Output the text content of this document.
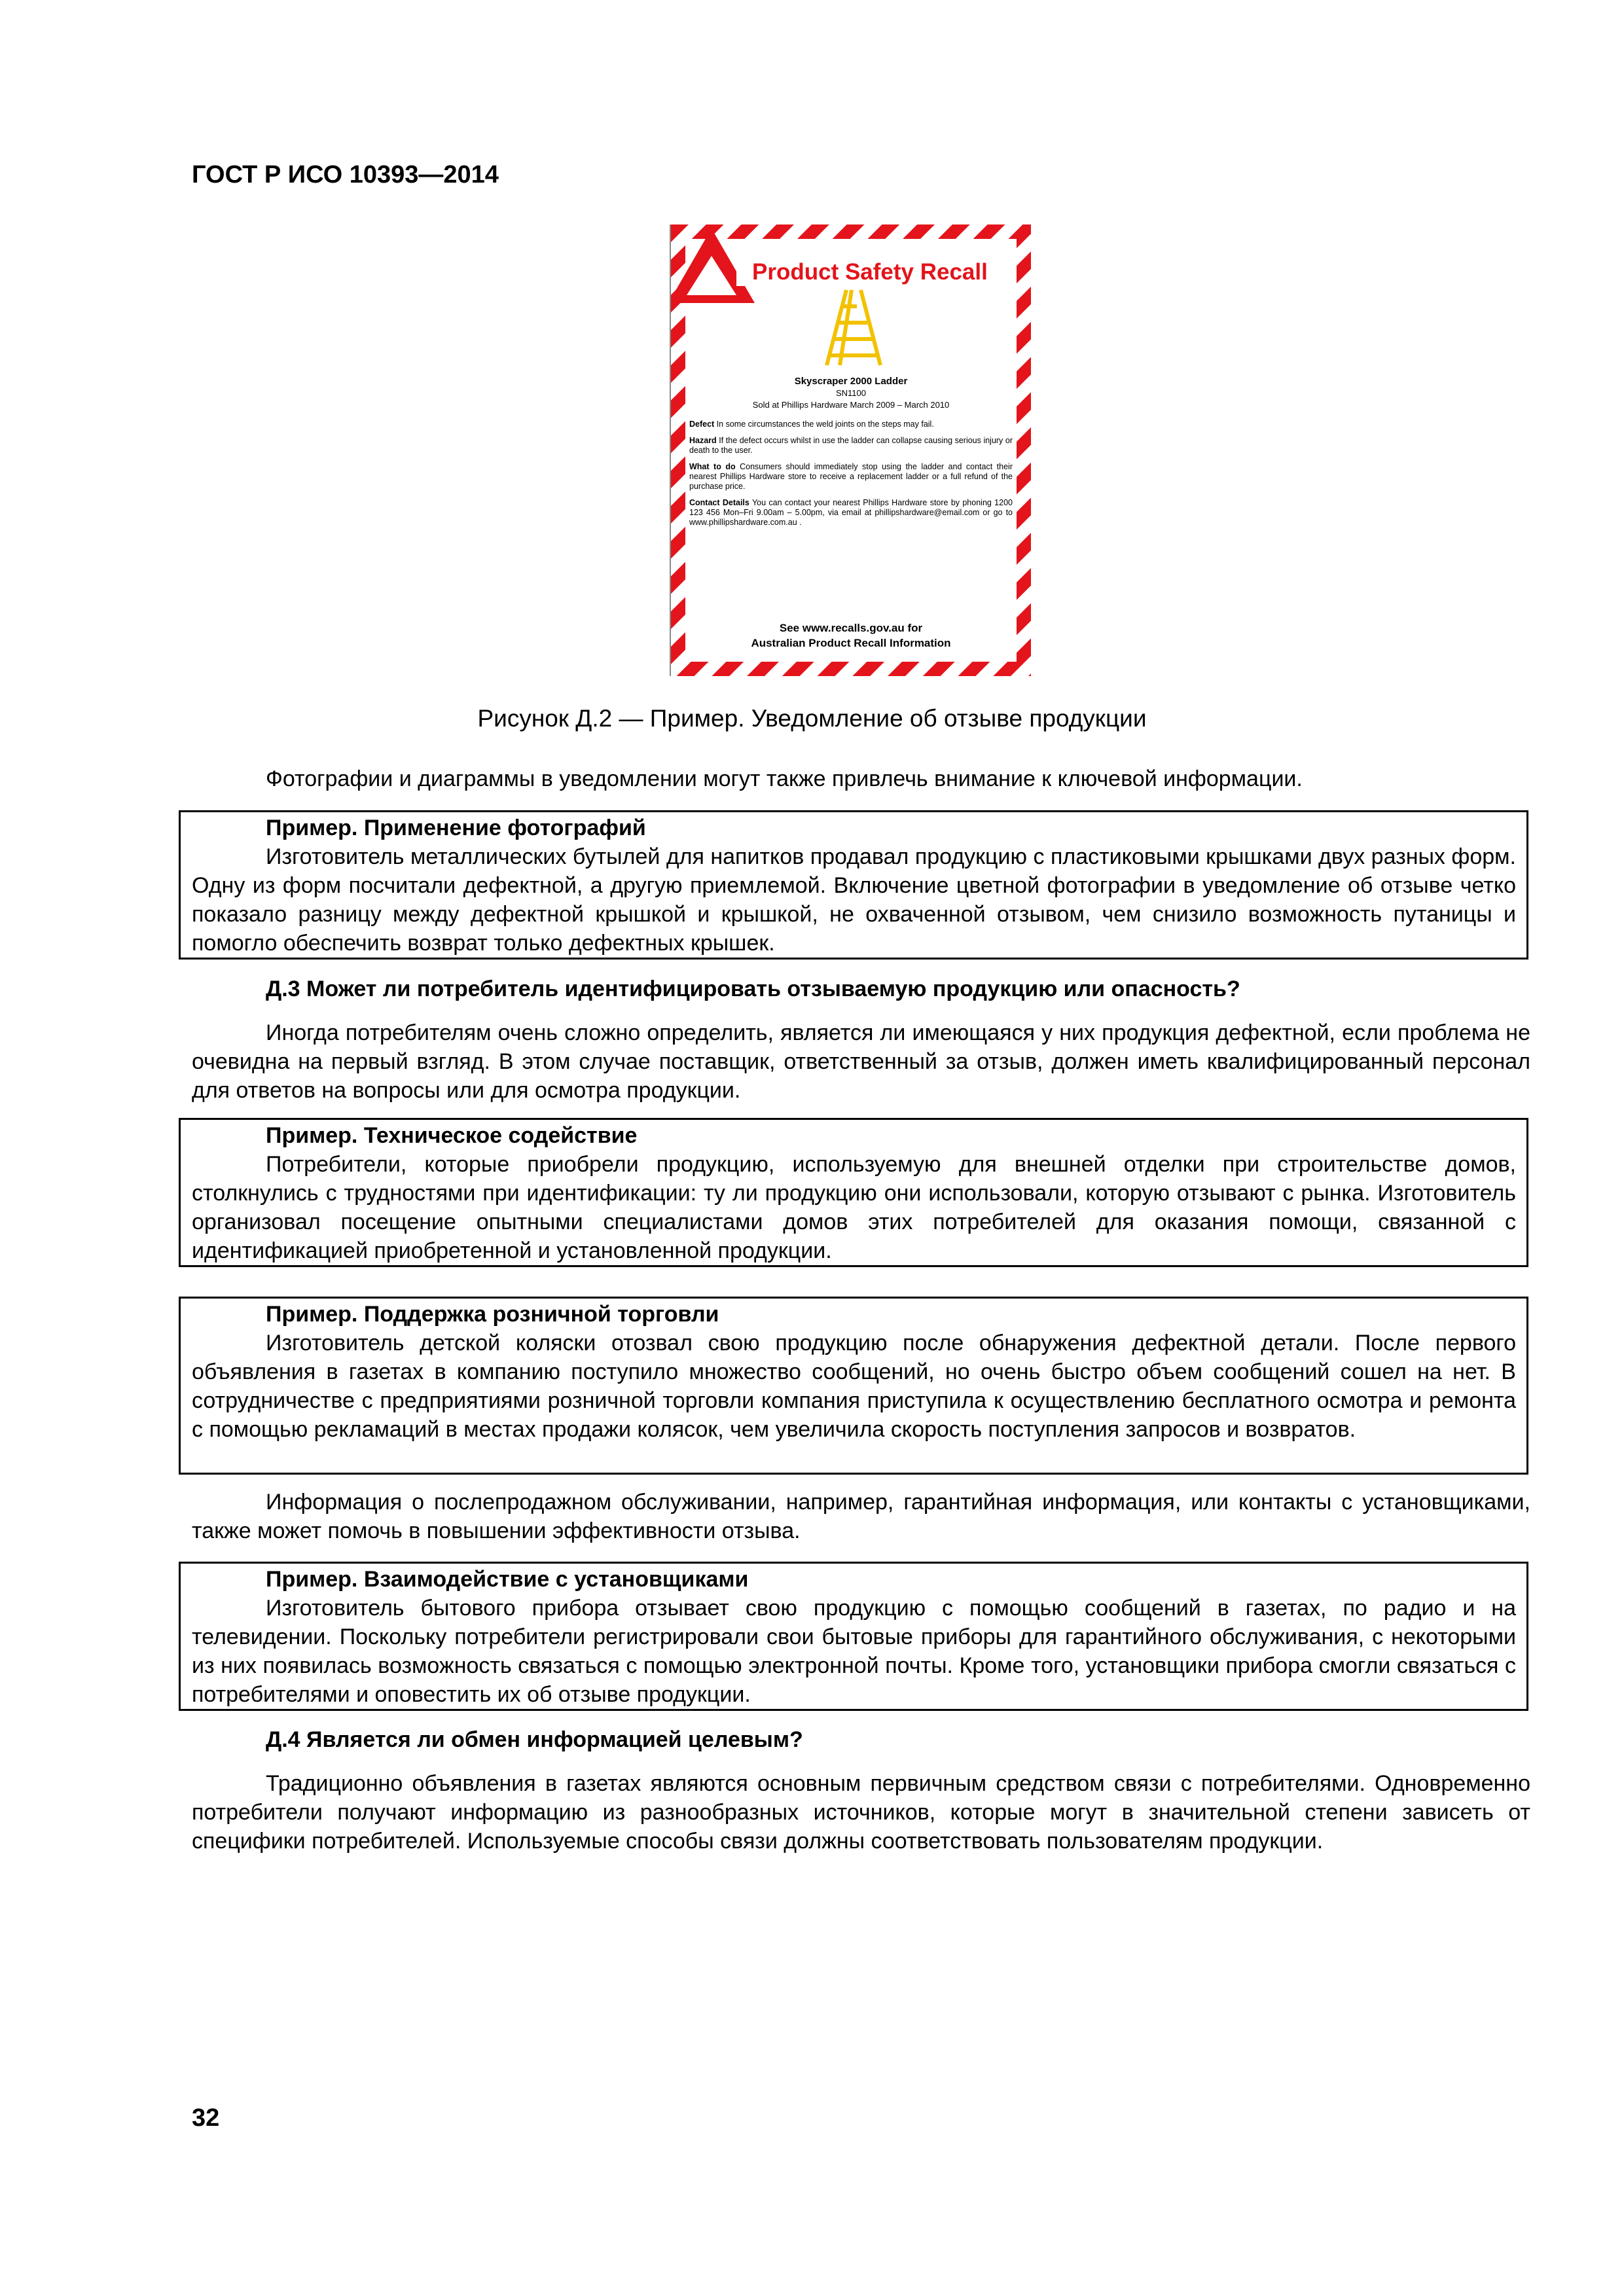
ГОСТ Р ИСО 10393—2014
Product Safety Recall
Skyscraper 2000 Ladder
SN1100
Sold at Phillips Hardware March 2009 – March 2010
Defect In some circumstances the weld joints on the steps may fail.
Hazard If the defect occurs whilst in use the ladder can collapse causing serious injury or death to the user.
What to do Consumers should immediately stop using the ladder and contact their nearest Phillips Hardware store to receive a replacement ladder or a full refund of the purchase price.
Contact Details You can contact your nearest Phillips Hardware store by phoning 1200 123 456 Mon–Fri 9.00am – 5.00pm, via email at phillipshardware@email.com or go to www.phillipshardware.com.au .
See www.recalls.gov.au for
Australian Product Recall Information
Рисунок Д.2 — Пример. Уведомление об отзыве продукции
Фотографии и диаграммы в уведомлении могут также привлечь внимание к ключевой информации.
Пример. Применение фотографий
Изготовитель металлических бутылей для напитков продавал продукцию с пластиковыми крышками двух разных форм. Одну из форм посчитали дефектной, а другую приемлемой. Включение цветной фотографии в уведомление об отзыве четко показало разницу между дефектной крышкой и крышкой, не охваченной отзывом, чем снизило возможность путаницы и помогло обеспечить возврат только дефектных крышек.
Д.3 Может ли потребитель идентифицировать отзываемую продукцию или опасность?
Иногда потребителям очень сложно определить, является ли имеющаяся у них продукция дефектной, если проблема не очевидна на первый взгляд. В этом случае поставщик, ответственный за отзыв, должен иметь квалифицированный персонал для ответов на вопросы или для осмотра продукции.
Пример. Техническое содействие
Потребители, которые приобрели продукцию, используемую для внешней отделки при строительстве домов, столкнулись с трудностями при идентификации: ту ли продукцию они использовали, которую отзывают с рынка. Изготовитель организовал посещение опытными специалистами домов этих потребителей для оказания помощи, связанной с идентификацией приобретенной и установленной продукции.
Пример. Поддержка розничной торговли
Изготовитель детской коляски отозвал свою продукцию после обнаружения дефектной детали. После первого объявления в газетах в компанию поступило множество сообщений, но очень быстро объем сообщений сошел на нет. В сотрудничестве с предприятиями розничной торговли компания приступила к осуществлению бесплатного осмотра и ремонта с помощью рекламаций в местах продажи колясок, чем увеличила скорость поступления запросов и возвратов.
Информация о послепродажном обслуживании, например, гарантийная информация, или контакты с установщиками, также может помочь в повышении эффективности отзыва.
Пример. Взаимодействие с установщиками
Изготовитель бытового прибора отзывает свою продукцию с помощью сообщений в газетах, по радио и на телевидении. Поскольку потребители регистрировали свои бытовые приборы для гарантийного обслуживания, с некоторыми из них появилась возможность связаться с помощью электронной почты. Кроме того, установщики прибора смогли связаться с потребителями и оповестить их об отзыве продукции.
Д.4 Является ли обмен информацией целевым?
Традиционно объявления в газетах являются основным первичным средством связи с потребителями. Одновременно потребители получают информацию из разнообразных источников, которые могут в значительной степени зависеть от специфики потребителей. Используемые способы связи должны соответствовать пользователям продукции.
32
